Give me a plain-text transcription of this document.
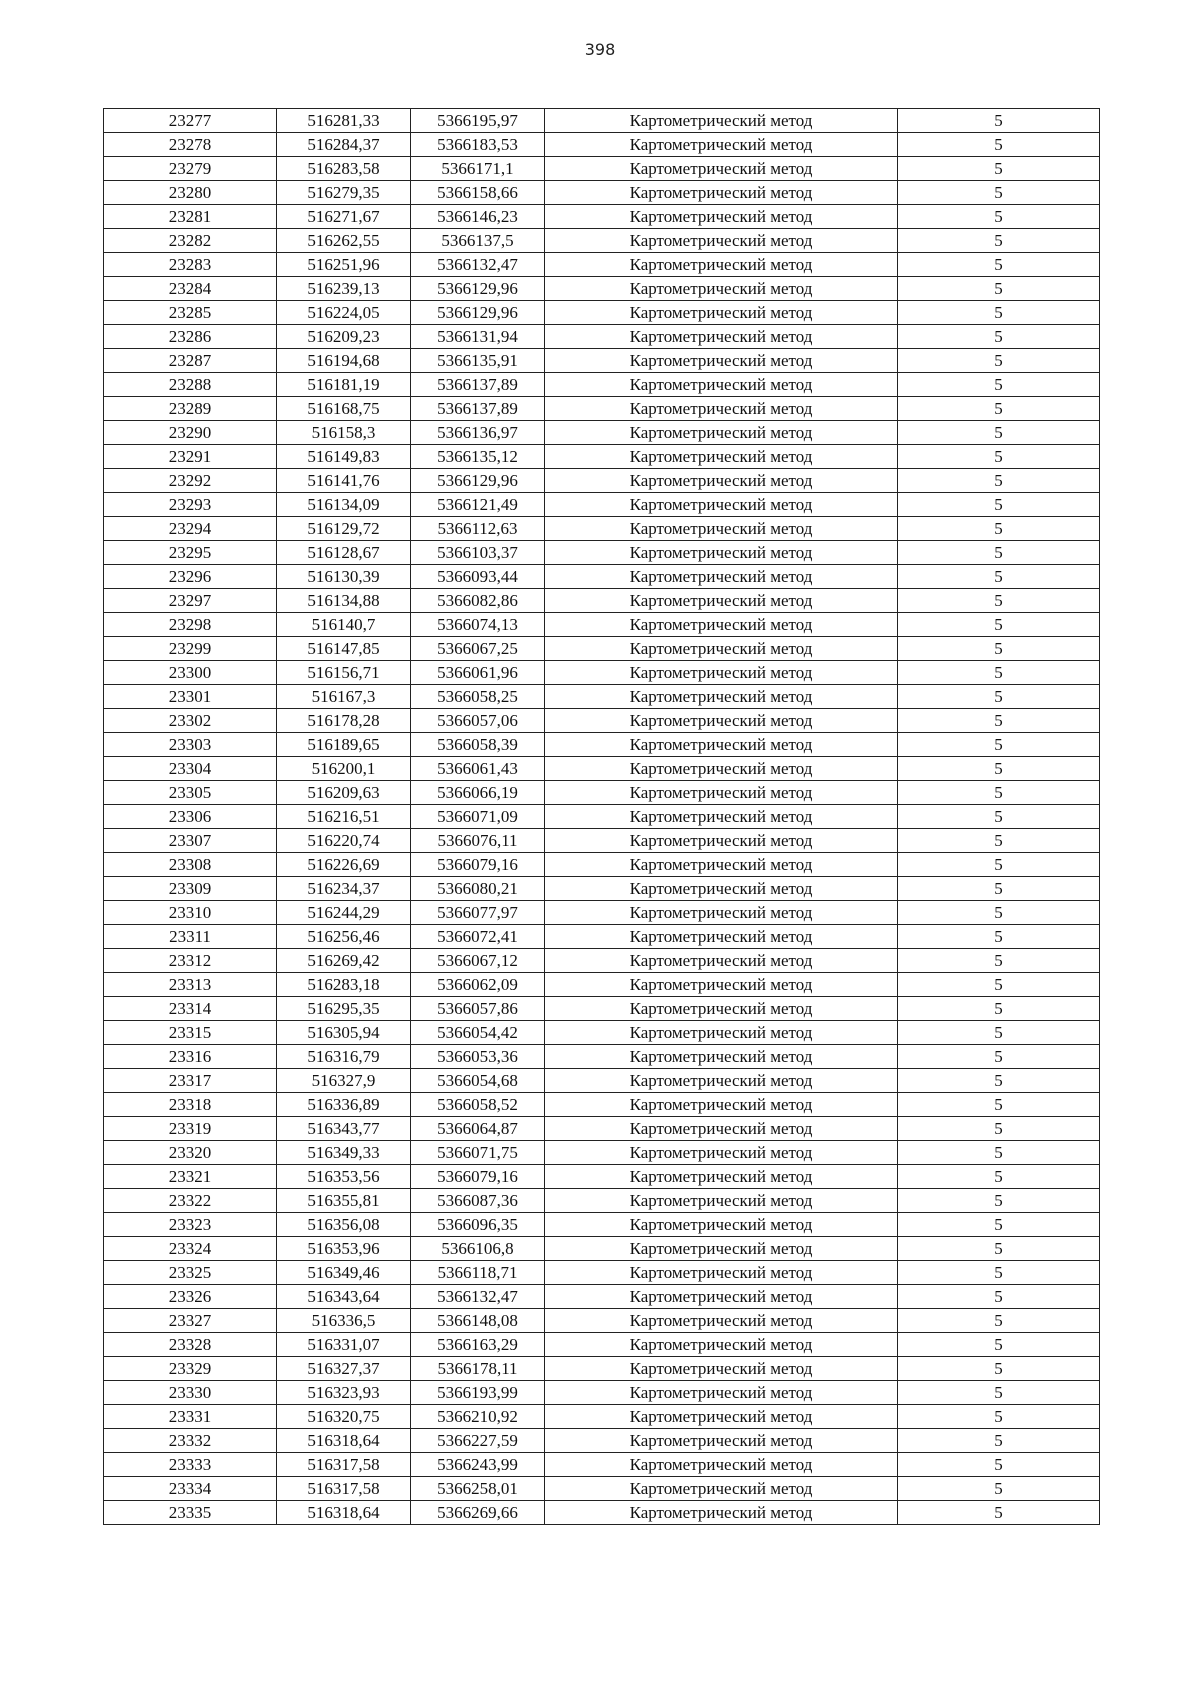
398
23277	516281,33	5366195,97	Картометрический метод	5
23278	516284,37	5366183,53	Картометрический метод	5
23279	516283,58	5366171,1	Картометрический метод	5
23280	516279,35	5366158,66	Картометрический метод	5
23281	516271,67	5366146,23	Картометрический метод	5
23282	516262,55	5366137,5	Картометрический метод	5
23283	516251,96	5366132,47	Картометрический метод	5
23284	516239,13	5366129,96	Картометрический метод	5
23285	516224,05	5366129,96	Картометрический метод	5
23286	516209,23	5366131,94	Картометрический метод	5
23287	516194,68	5366135,91	Картометрический метод	5
23288	516181,19	5366137,89	Картометрический метод	5
23289	516168,75	5366137,89	Картометрический метод	5
23290	516158,3	5366136,97	Картометрический метод	5
23291	516149,83	5366135,12	Картометрический метод	5
23292	516141,76	5366129,96	Картометрический метод	5
23293	516134,09	5366121,49	Картометрический метод	5
23294	516129,72	5366112,63	Картометрический метод	5
23295	516128,67	5366103,37	Картометрический метод	5
23296	516130,39	5366093,44	Картометрический метод	5
23297	516134,88	5366082,86	Картометрический метод	5
23298	516140,7	5366074,13	Картометрический метод	5
23299	516147,85	5366067,25	Картометрический метод	5
23300	516156,71	5366061,96	Картометрический метод	5
23301	516167,3	5366058,25	Картометрический метод	5
23302	516178,28	5366057,06	Картометрический метод	5
23303	516189,65	5366058,39	Картометрический метод	5
23304	516200,1	5366061,43	Картометрический метод	5
23305	516209,63	5366066,19	Картометрический метод	5
23306	516216,51	5366071,09	Картометрический метод	5
23307	516220,74	5366076,11	Картометрический метод	5
23308	516226,69	5366079,16	Картометрический метод	5
23309	516234,37	5366080,21	Картометрический метод	5
23310	516244,29	5366077,97	Картометрический метод	5
23311	516256,46	5366072,41	Картометрический метод	5
23312	516269,42	5366067,12	Картометрический метод	5
23313	516283,18	5366062,09	Картометрический метод	5
23314	516295,35	5366057,86	Картометрический метод	5
23315	516305,94	5366054,42	Картометрический метод	5
23316	516316,79	5366053,36	Картометрический метод	5
23317	516327,9	5366054,68	Картометрический метод	5
23318	516336,89	5366058,52	Картометрический метод	5
23319	516343,77	5366064,87	Картометрический метод	5
23320	516349,33	5366071,75	Картометрический метод	5
23321	516353,56	5366079,16	Картометрический метод	5
23322	516355,81	5366087,36	Картометрический метод	5
23323	516356,08	5366096,35	Картометрический метод	5
23324	516353,96	5366106,8	Картометрический метод	5
23325	516349,46	5366118,71	Картометрический метод	5
23326	516343,64	5366132,47	Картометрический метод	5
23327	516336,5	5366148,08	Картометрический метод	5
23328	516331,07	5366163,29	Картометрический метод	5
23329	516327,37	5366178,11	Картометрический метод	5
23330	516323,93	5366193,99	Картометрический метод	5
23331	516320,75	5366210,92	Картометрический метод	5
23332	516318,64	5366227,59	Картометрический метод	5
23333	516317,58	5366243,99	Картометрический метод	5
23334	516317,58	5366258,01	Картометрический метод	5
23335	516318,64	5366269,66	Картометрический метод	5
